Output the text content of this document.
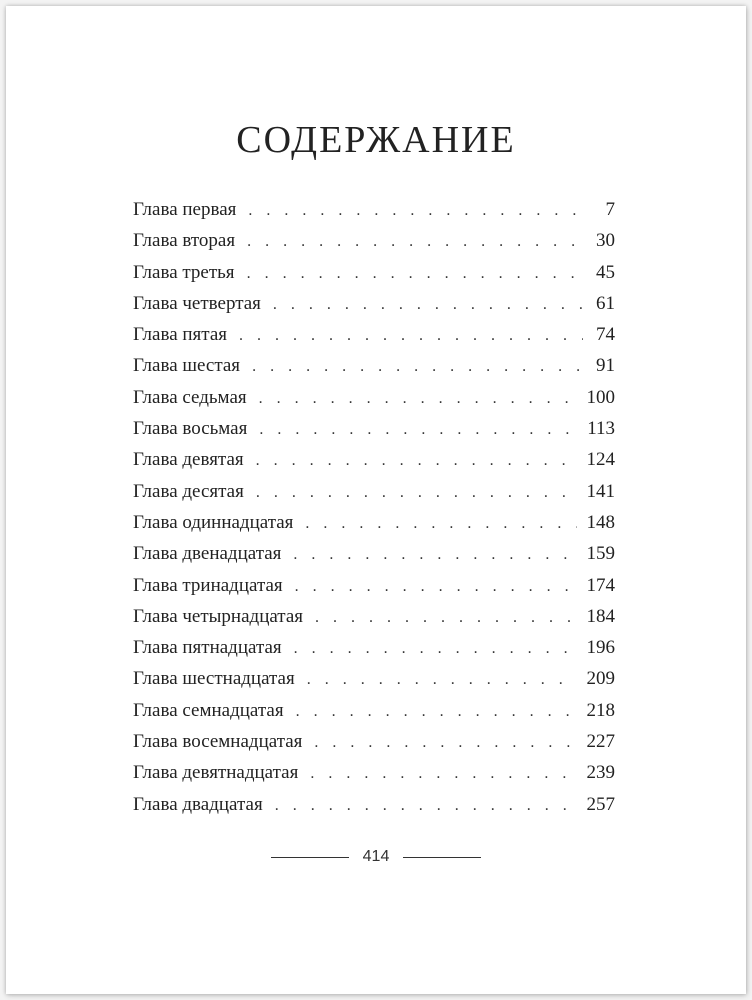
СОДЕРЖАНИЕ
Глава первая . . .	7
Глава вторая . . .	30
Глава третья . . .	45
Глава четвертая . . .	61
Глава пятая . . .	74
Глава шестая . . .	91
Глава седьмая . . .	100
Глава восьмая . . .	113
Глава девятая . . .	124
Глава десятая . . .	141
Глава одиннадцатая . . .	148
Глава двенадцатая . . .	159
Глава тринадцатая . . .	174
Глава четырнадцатая . . .	184
Глава пятнадцатая . . .	196
Глава шестнадцатая . . .	209
Глава семнадцатая . . .	218
Глава восемнадцатая . . .	227
Глава девятнадцатая . . .	239
Глава двадцатая . . .	257
414
